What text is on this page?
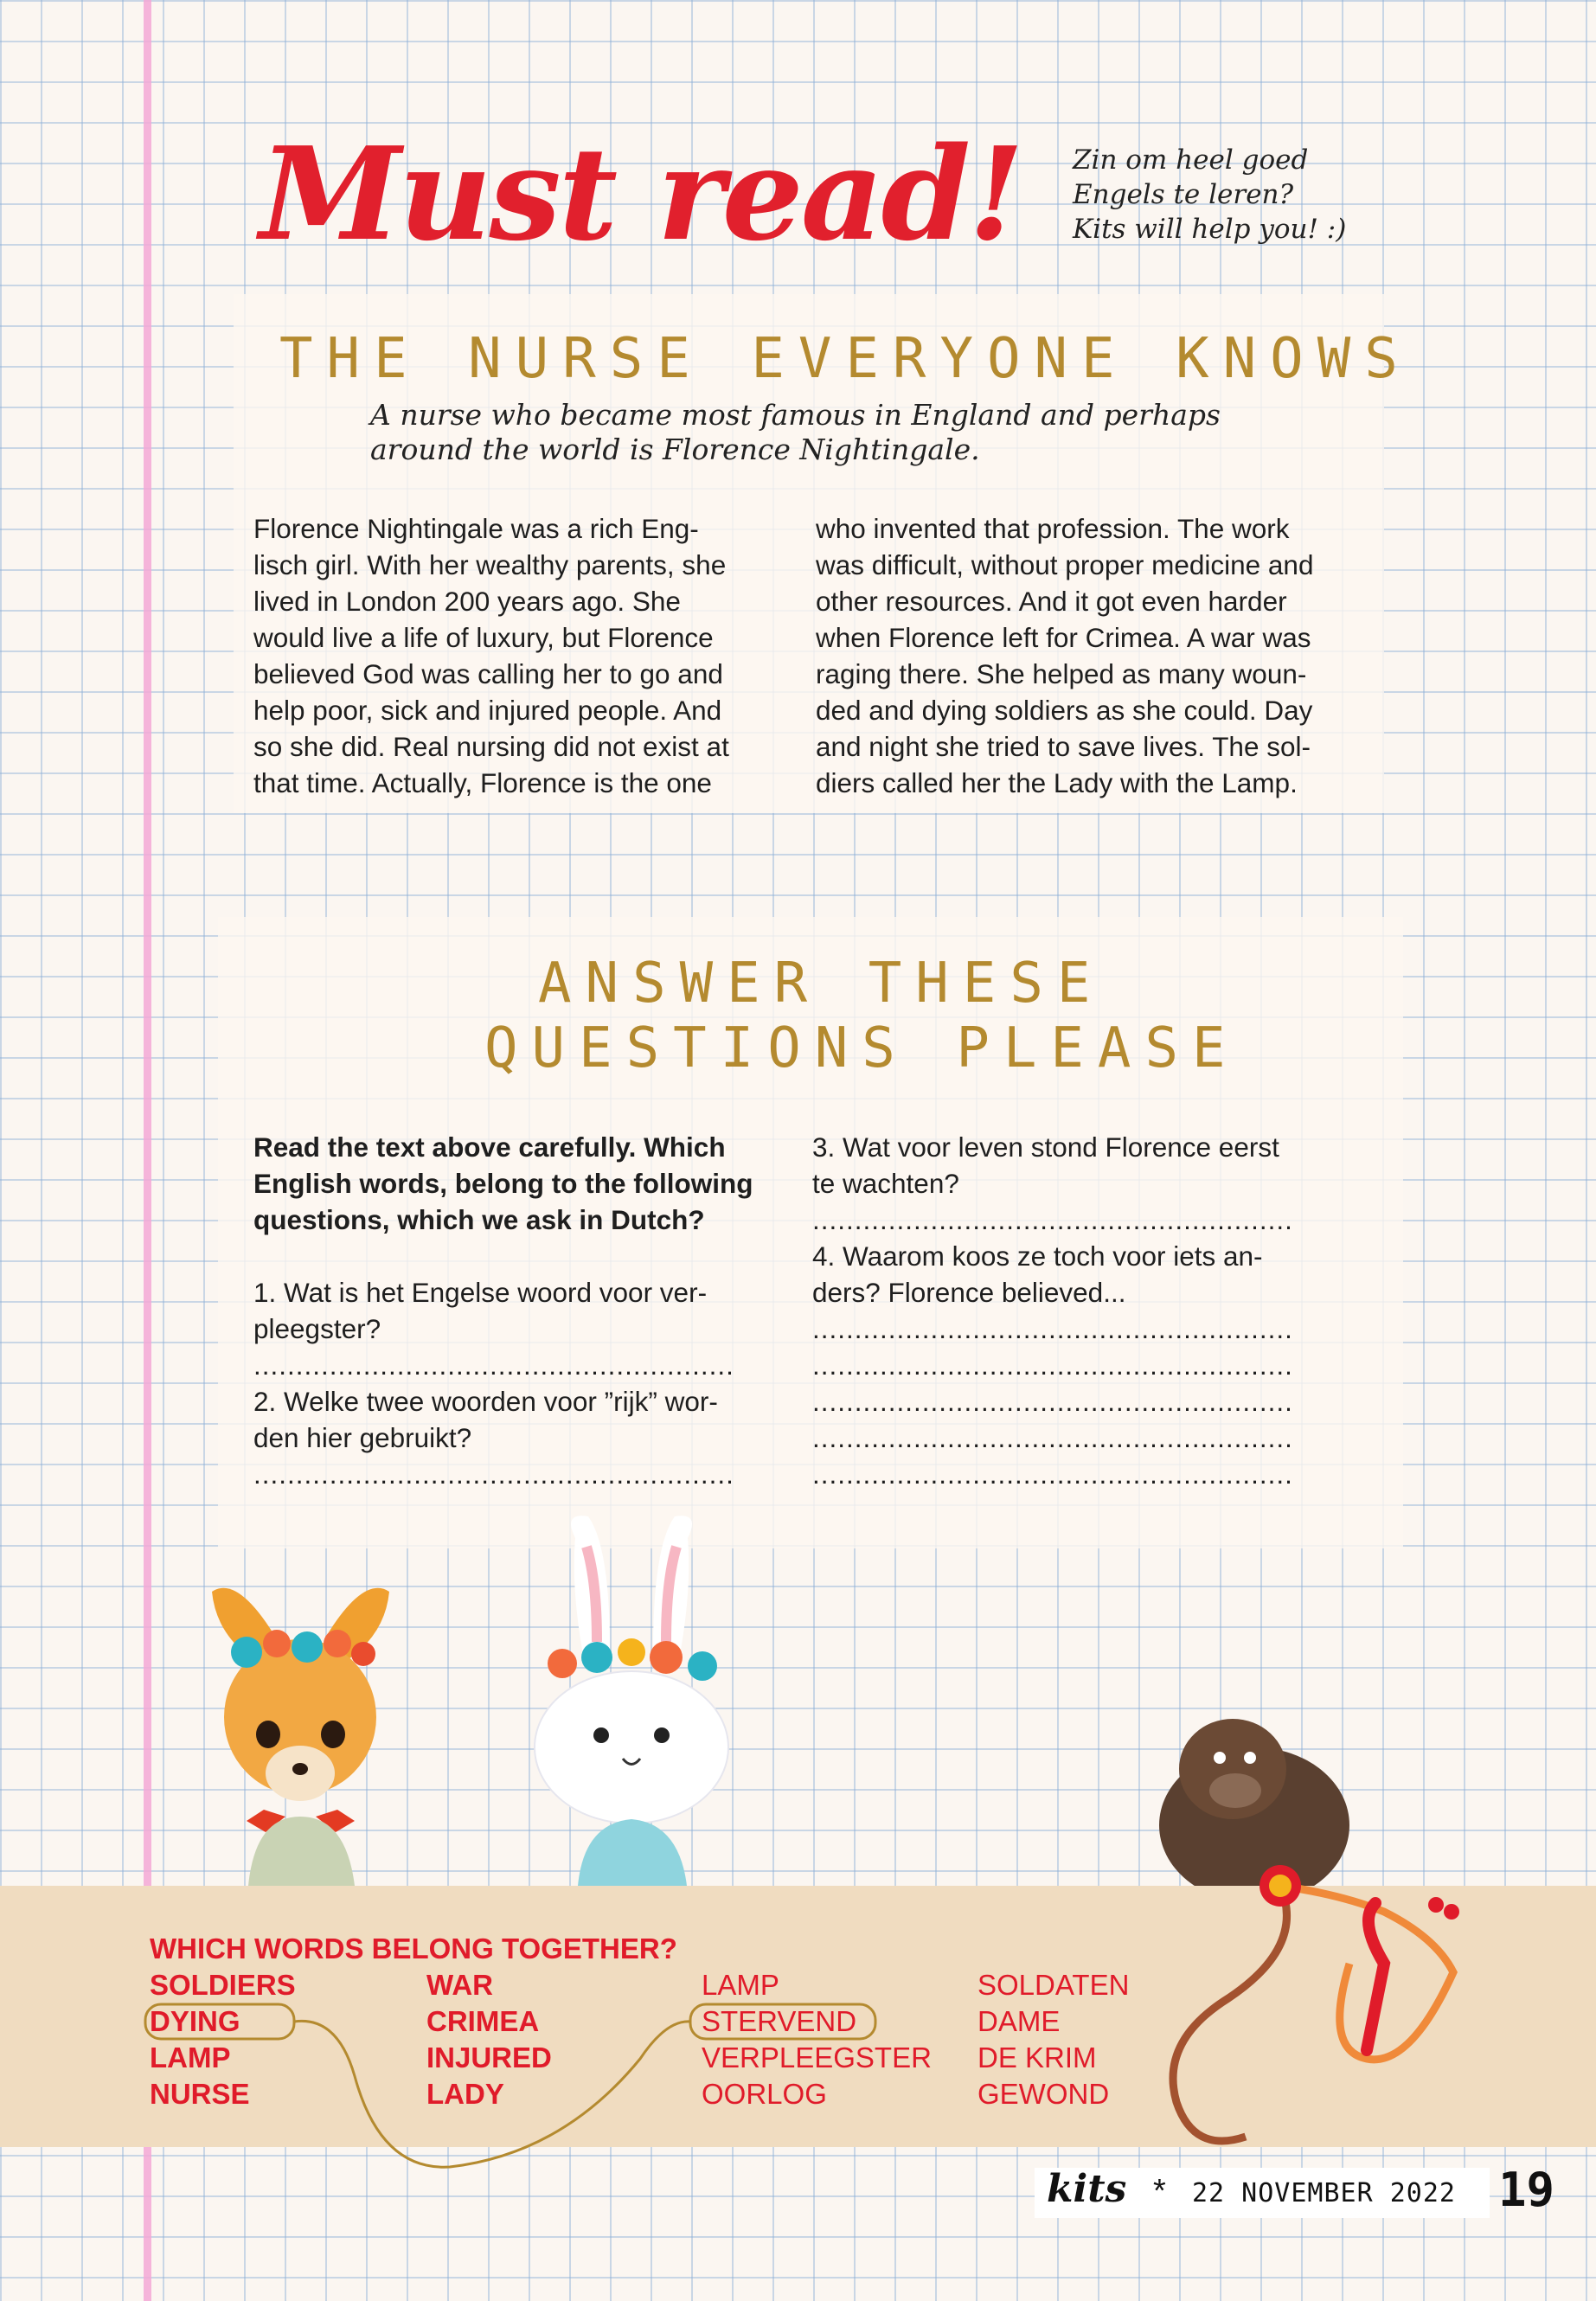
Must read! Zin om heel goed
Engels te leren?
Kits will help you! :)
THE NURSE EVERYONE KNOWS
A nurse who became most famous in England and perhaps
around the world is Florence Nightingale.
Florence Nightingale was a rich Eng-
lisch girl. With her wealthy parents, she
lived in London 200 years ago. She
would live a life of luxury, but Florence
believed God was calling her to go and
help poor, sick and injured people. And
so she did. Real nursing did not exist at
that time. Actually, Florence is the one
who invented that profession. The work
was difficult, without proper medicine and
other resources. And it got even harder
when Florence left for Crimea. A war was
raging there. She helped as many woun-
ded and dying soldiers as she could. Day
and night she tried to save lives. The sol-
diers called her the Lady with the Lamp.
ANSWER THESE
QUESTIONS PLEASE
Read the text above carefully. Which
English words, belong to the following
questions, which we ask in Dutch?

1. Wat is het Engelse woord voor ver-
pleegster?
.........................................................
2. Welke twee woorden voor ”rijk” wor-
den hier gebruikt?
.........................................................
3. Wat voor leven stond Florence eerst
te wachten?
.........................................................
4. Waarom koos ze toch voor iets an-
ders? Florence believed...
.........................................................
.........................................................
.........................................................
.........................................................
.........................................................
WHICH WORDS BELONG TOGETHER?
SOLDIERS
DYING
LAMP
NURSE
WAR
CRIMEA
INJURED
LADY
LAMP
STERVEND
VERPLEEGSTER
OORLOG
SOLDATEN
DAME
DE KRIM
GEWOND
kits * 22 NOVEMBER 2022 19
